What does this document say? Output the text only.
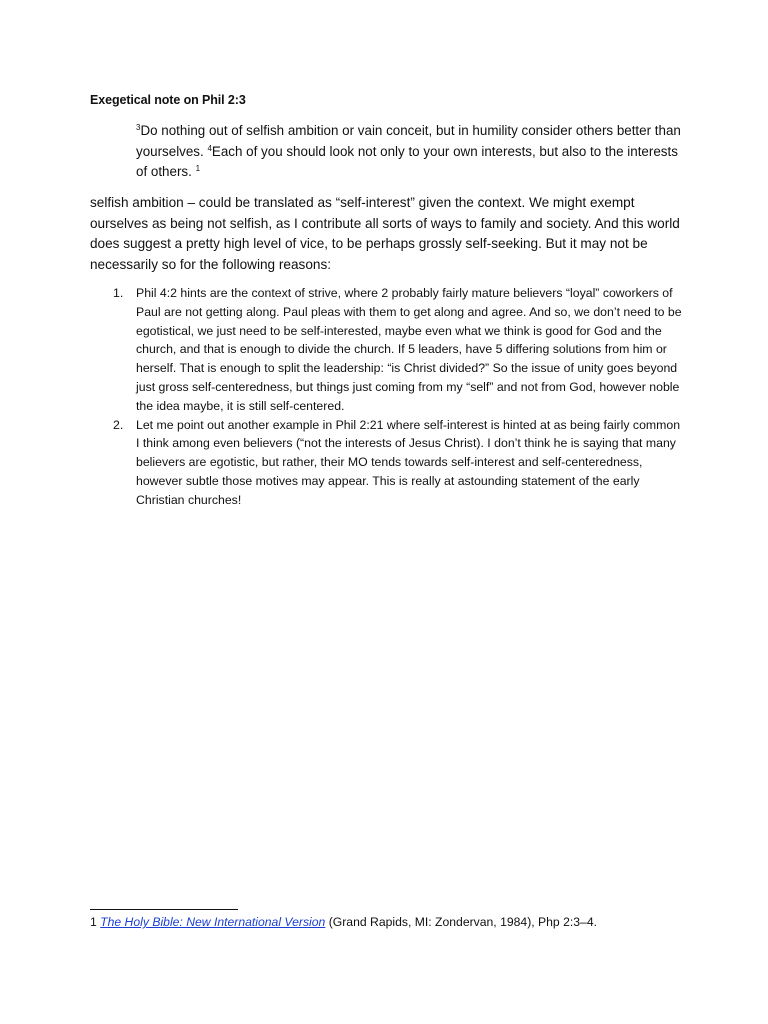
Exegetical note on Phil 2:3
$^3$Do nothing out of selfish ambition or vain conceit, but in humility consider others better than yourselves. $^4$Each of you should look not only to your own interests, but also to the interests of others. $^1$
selfish ambition – could be translated as “self-interest” given the context. We might exempt ourselves as being not selfish, as I contribute all sorts of ways to family and society. And this world does suggest a pretty high level of vice, to be perhaps grossly self-seeking. But it may not be necessarily so for the following reasons:
1. Phil 4:2 hints are the context of strive, where 2 probably fairly mature believers “loyal” coworkers of Paul are not getting along. Paul pleas with them to get along and agree. And so, we don’t need to be egotistical, we just need to be self-interested, maybe even what we think is good for God and the church, and that is enough to divide the church. If 5 leaders, have 5 differing solutions from him or herself. That is enough to split the leadership: “is Christ divided?” So the issue of unity goes beyond just gross self-centeredness, but things just coming from my “self” and not from God, however noble the idea maybe, it is still self-centered.
2. Let me point out another example in Phil 2:21 where self-interest is hinted at as being fairly common I think among even believers (“not the interests of Jesus Christ). I don’t think he is saying that many believers are egotistic, but rather, their MO tends towards self-interest and self-centeredness, however subtle those motives may appear. This is really at astounding statement of the early Christian churches!
1 The Holy Bible: New International Version (Grand Rapids, MI: Zondervan, 1984), Php 2:3–4.
